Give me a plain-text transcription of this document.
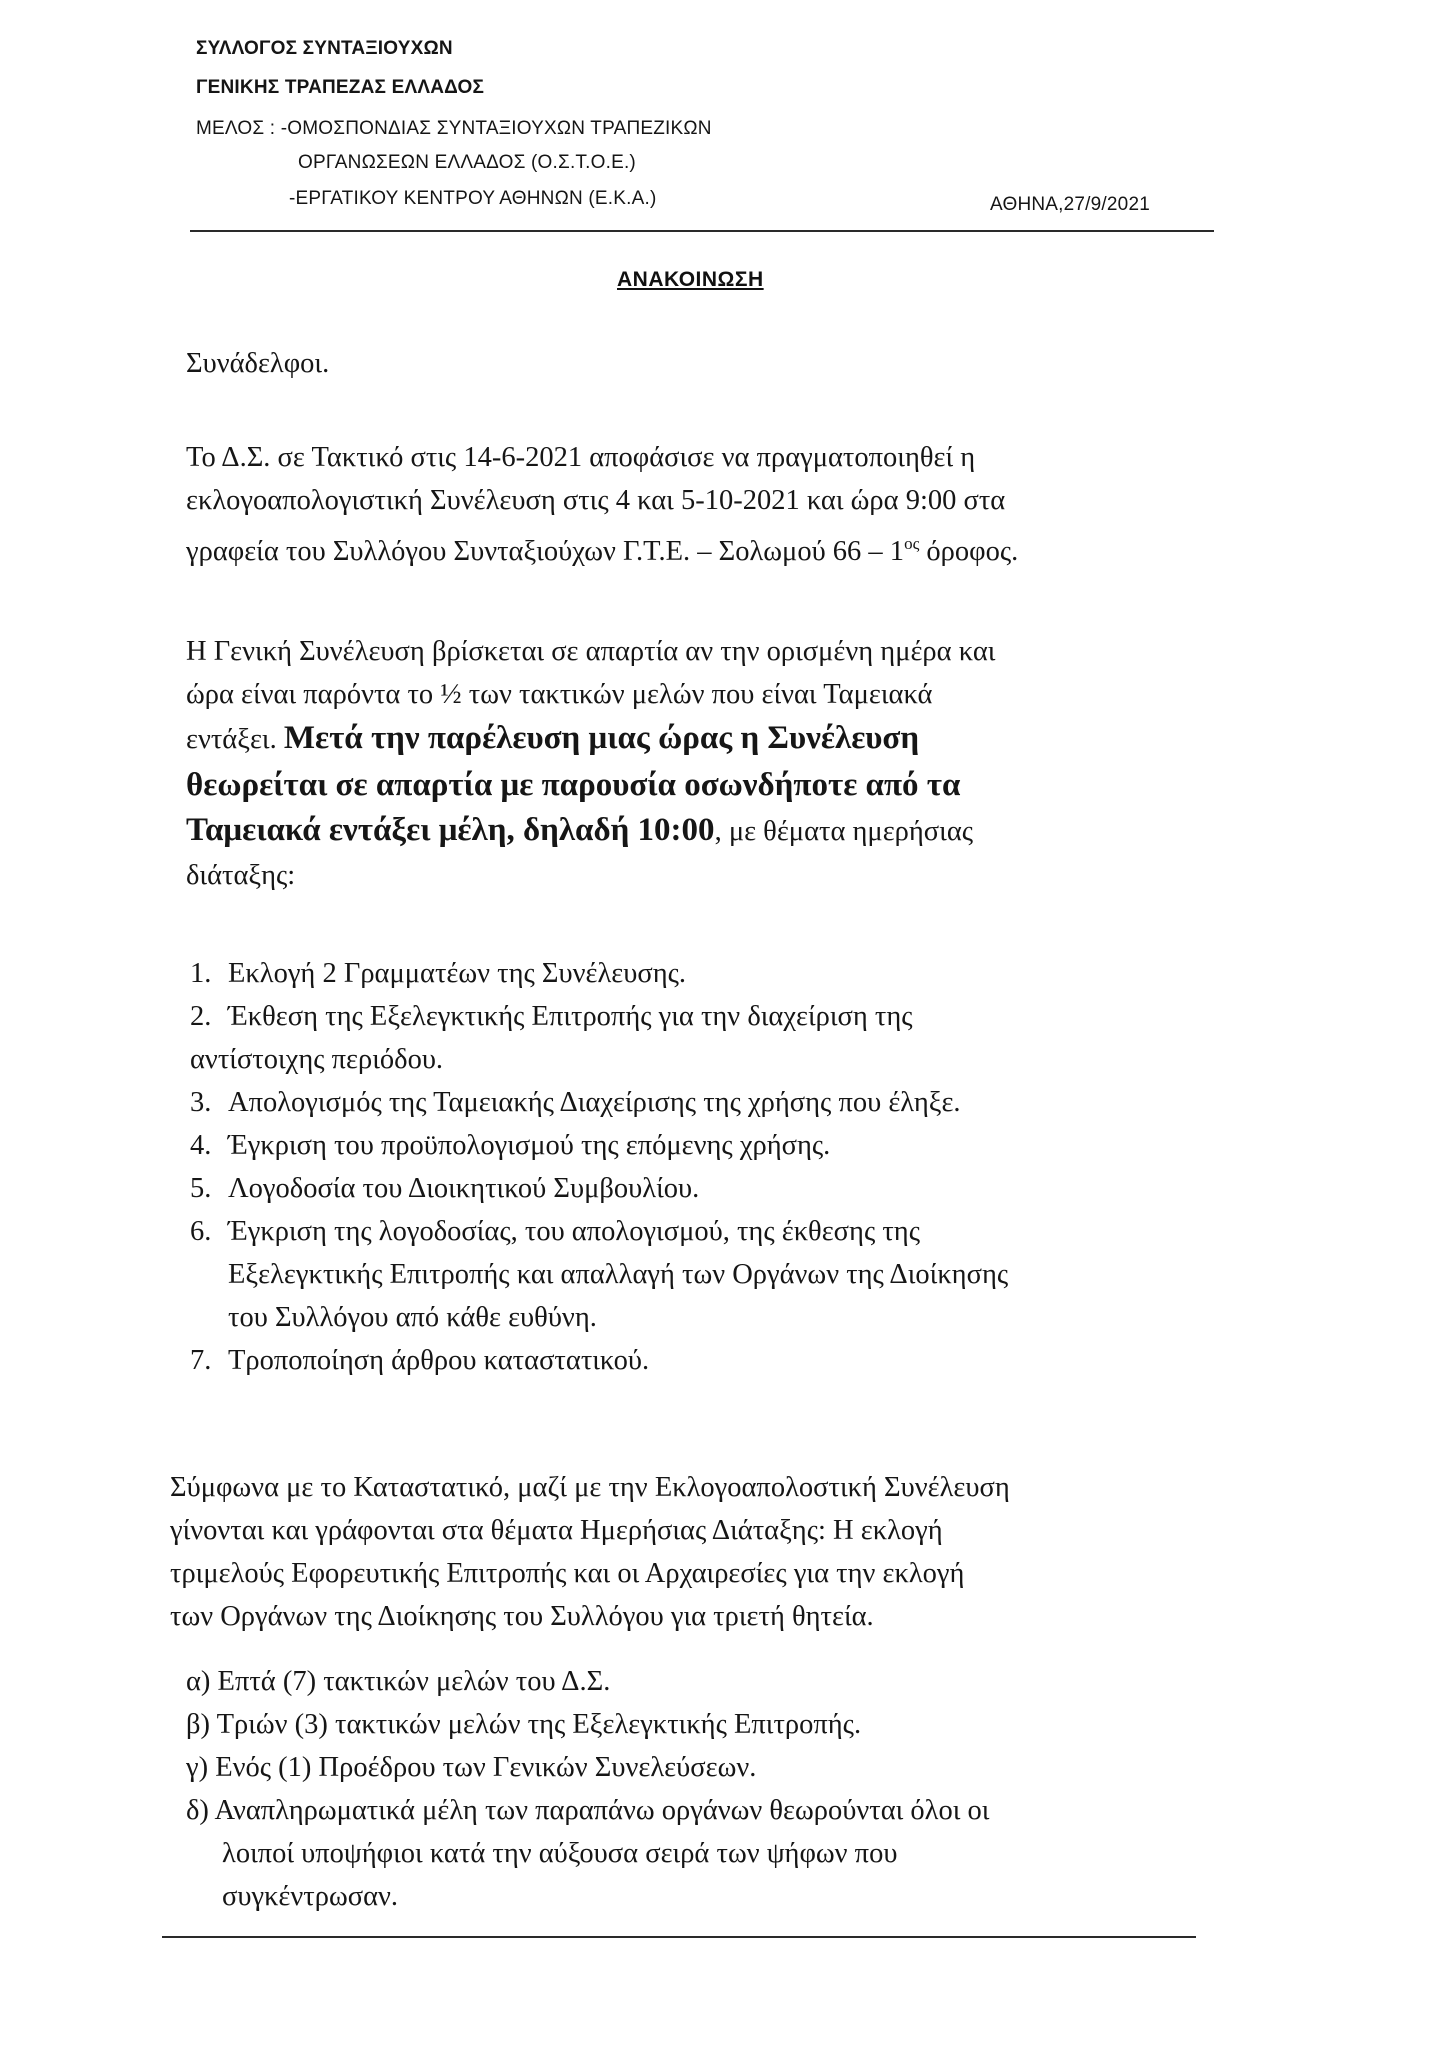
ΣΥΛΛΟΓΟΣ ΣΥΝΤΑΞΙΟΥΧΩΝ
ΓΕΝΙΚΗΣ ΤΡΑΠΕΖΑΣ ΕΛΛΑΔΟΣ
ΜΕΛΟΣ : -ΟΜΟΣΠΟΝΔΙΑΣ ΣΥΝΤΑΞΙΟΥΧΩΝ ΤΡΑΠΕΖΙΚΩΝ
ΟΡΓΑΝΩΣΕΩΝ ΕΛΛΑΔΟΣ (Ο.Σ.Τ.Ο.Ε.)
-ΕΡΓΑΤΙΚΟΥ ΚΕΝΤΡΟΥ ΑΘΗΝΩΝ (Ε.Κ.Α.)	ΑΘΗΝΑ,27/9/2021
ΑΝΑΚΟΙΝΩΣΗ
Συνάδελφοι.
Το Δ.Σ. σε Τακτικό στις 14-6-2021 αποφάσισε να πραγματοποιηθεί η
εκλογοαπολογιστική Συνέλευση στις 4 και 5-10-2021 και ώρα 9:00 στα
γραφεία του Συλλόγου Συνταξιούχων Γ.Τ.Ε. – Σολωμού $66 - 1^{o\varsigma}$ όροφος.
Η Γενική Συνέλευση βρίσκεται σε απαρτία αν την ορισμένη ημέρα και
ώρα είναι παρόντα το ½ των τακτικών μελών που είναι Ταμειακά
εντάξει. Μετά την παρέλευση μιας ώρας η Συνέλευση
θεωρείται σε απαρτία με παρουσία οσωνδήποτε από τα
Ταμειακά εντάξει μέλη, δηλαδή 10:00, με θέματα ημερήσιας
διάταξης:
1. Εκλογή 2 Γραμματέων της Συνέλευσης.
2. Έκθεση της Εξελεγκτικής Επιτροπής για την διαχείριση της
αντίστοιχης περιόδου.
3. Απολογισμός της Ταμειακής Διαχείρισης της χρήσης που έληξε.
4. Έγκριση του προϋπολογισμού της επόμενης χρήσης.
5. Λογοδοσία του Διοικητικού Συμβουλίου.
6. Έγκριση της λογοδοσίας, του απολογισμού, της έκθεσης της
Εξελεγκτικής Επιτροπής και απαλλαγή των Οργάνων της Διοίκησης
του Συλλόγου από κάθε ευθύνη.
7. Τροποποίηση άρθρου καταστατικού.
Σύμφωνα με το Καταστατικό, μαζί με την Εκλογοαπολοστική Συνέλευση
γίνονται και γράφονται στα θέματα Ημερήσιας Διάταξης: Η εκλογή
τριμελούς Εφορευτικής Επιτροπής και οι Αρχαιρεσίες για την εκλογή
των Οργάνων της Διοίκησης του Συλλόγου για τριετή θητεία.
α) Επτά (7) τακτικών μελών του Δ.Σ.
β) Τριών (3) τακτικών μελών της Εξελεγκτικής Επιτροπής.
γ) Ενός (1) Προέδρου των Γενικών Συνελεύσεων.
δ) Αναπληρωματικά μέλη των παραπάνω οργάνων θεωρούνται όλοι οι
λοιποί υποψήφιοι κατά την αύξουσα σειρά των ψήφων που
συγκέντρωσαν.
